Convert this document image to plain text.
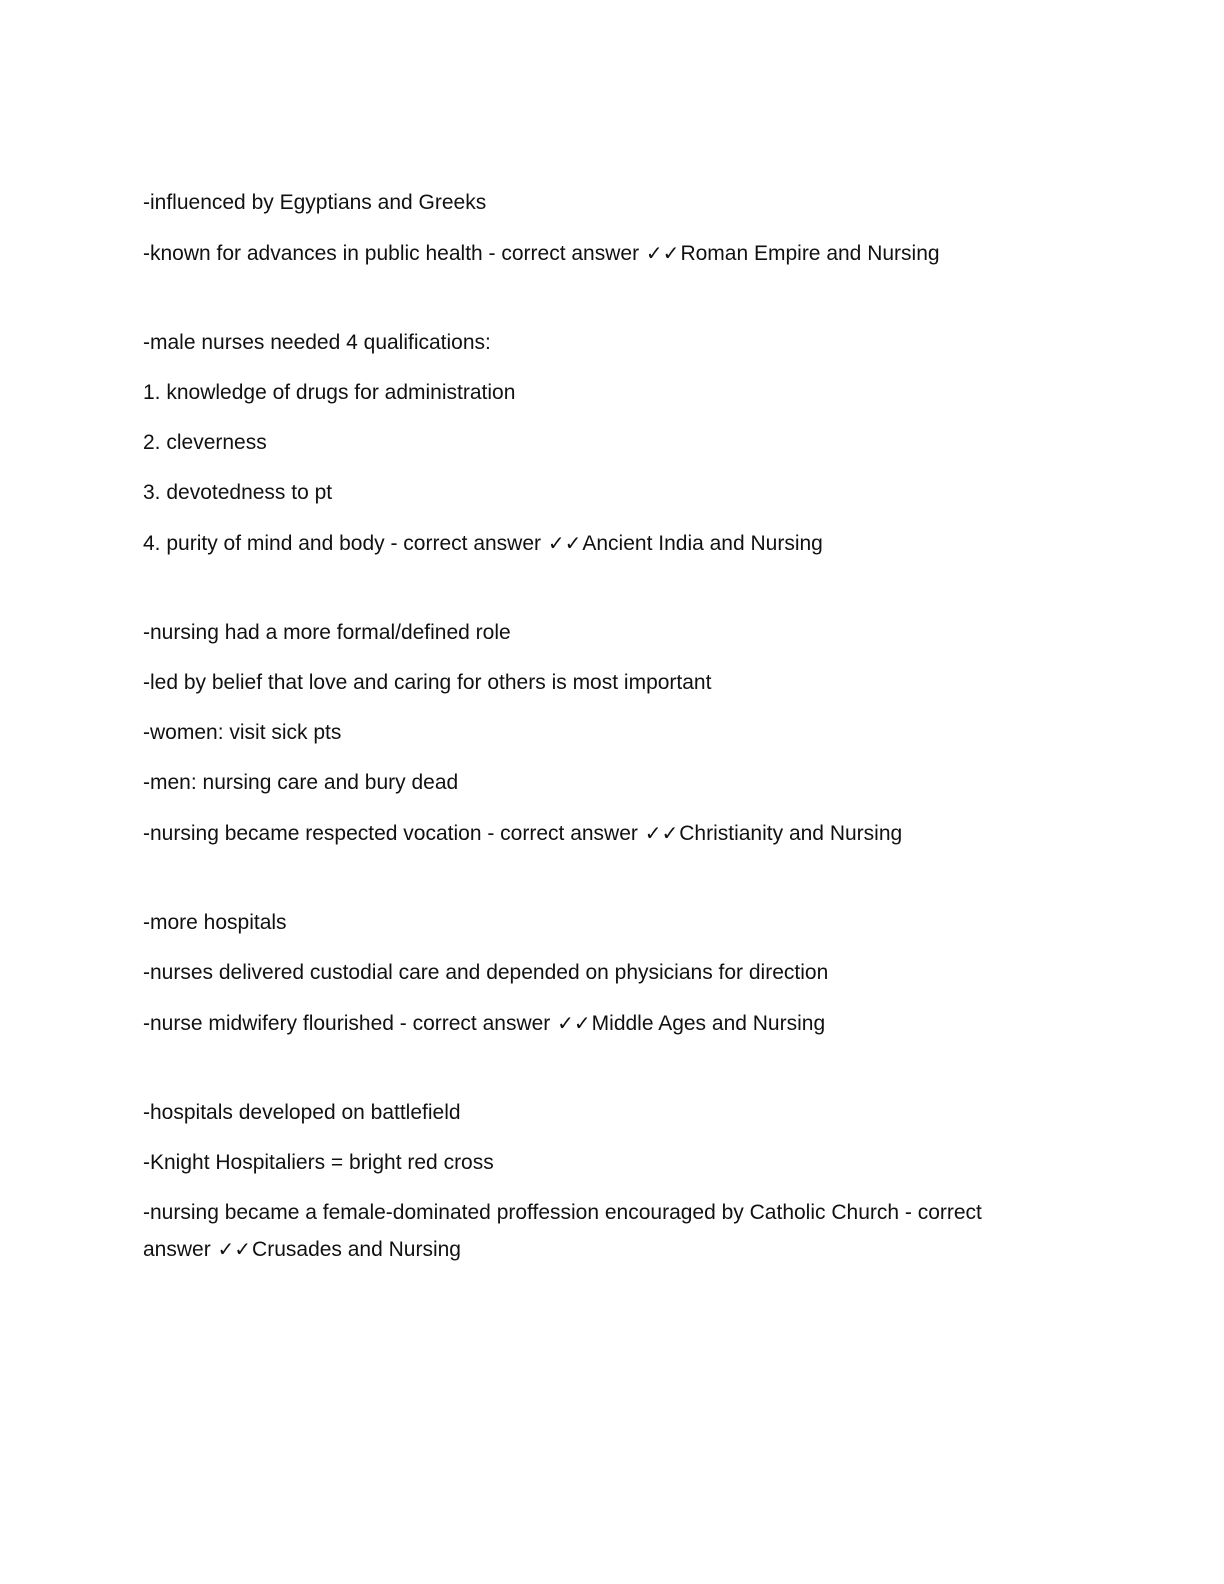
-influenced by Egyptians and Greeks
-known for advances in public health - correct answer ✓✓Roman Empire and Nursing
-male nurses needed 4 qualifications:
1. knowledge of drugs for administration
2. cleverness
3. devotedness to pt
4. purity of mind and body - correct answer ✓✓Ancient India and Nursing
-nursing had a more formal/defined role
-led by belief that love and caring for others is most important
-women: visit sick pts
-men: nursing care and bury dead
-nursing became respected vocation - correct answer ✓✓Christianity and Nursing
-more hospitals
-nurses delivered custodial care and depended on physicians for direction
-nurse midwifery flourished - correct answer ✓✓Middle Ages and Nursing
-hospitals developed on battlefield
-Knight Hospitaliers = bright red cross
-nursing became a female-dominated proffession encouraged by Catholic Church - correct answer ✓✓Crusades and Nursing
